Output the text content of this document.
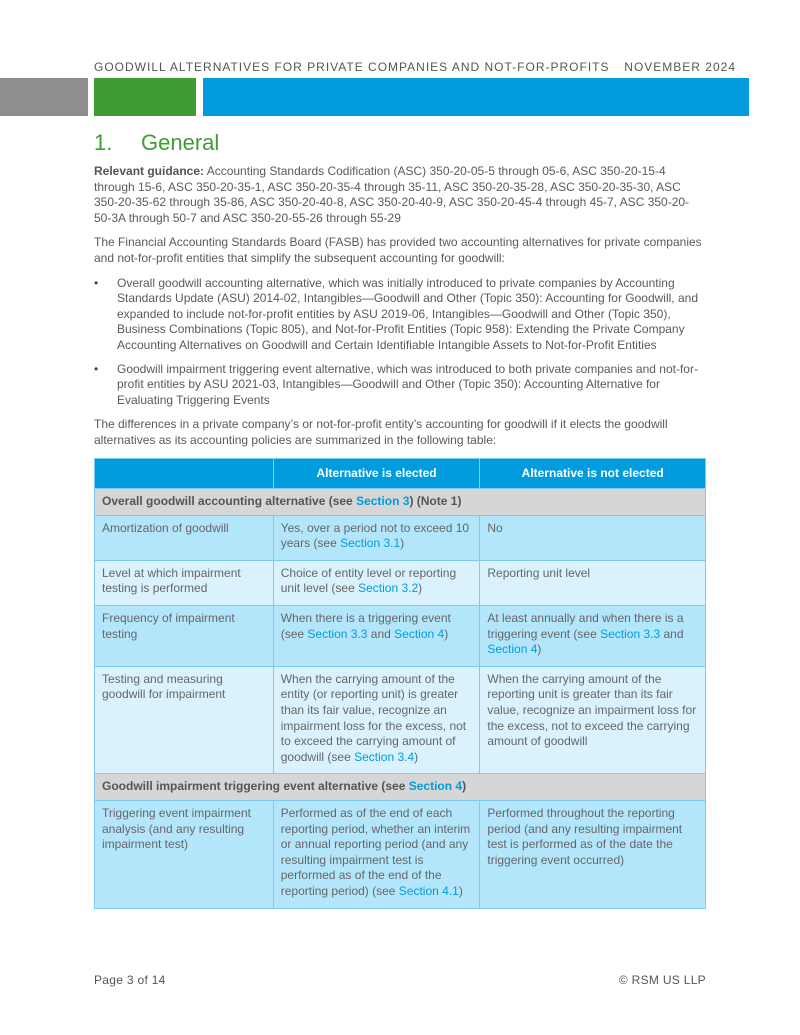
GOODWILL ALTERNATIVES FOR PRIVATE COMPANIES AND NOT-FOR-PROFITS NOVEMBER 2024
1.	General

Relevant guidance: Accounting Standards Codification (ASC) 350-20-05-5 through 05-6, ASC 350-20-15-4 through 15-6, ASC 350-20-35-1, ASC 350-20-35-4 through 35-11, ASC 350-20-35-28, ASC 350-20-35-30, ASC 350-20-35-62 through 35-86, ASC 350-20-40-8, ASC 350-20-40-9, ASC 350-20-45-4 through 45-7, ASC 350-20-50-3A through 50-7 and ASC 350-20-55-26 through 55-29

The Financial Accounting Standards Board (FASB) has provided two accounting alternatives for private companies and not-for-profit entities that simplify the subsequent accounting for goodwill:

• Overall goodwill accounting alternative, which was initially introduced to private companies by Accounting Standards Update (ASU) 2014-02, Intangibles—Goodwill and Other (Topic 350): Accounting for Goodwill, and expanded to include not-for-profit entities by ASU 2019-06, Intangibles—Goodwill and Other (Topic 350), Business Combinations (Topic 805), and Not-for-Profit Entities (Topic 958): Extending the Private Company Accounting Alternatives on Goodwill and Certain Identifiable Intangible Assets to Not-for-Profit Entities
• Goodwill impairment triggering event alternative, which was introduced to both private companies and not-for-profit entities by ASU 2021-03, Intangibles—Goodwill and Other (Topic 350): Accounting Alternative for Evaluating Triggering Events

The differences in a private company’s or not-for-profit entity’s accounting for goodwill if it elects the goodwill alternatives as its accounting policies are summarized in the following table:

	Alternative is elected	Alternative is not elected
Overall goodwill accounting alternative (see Section 3) (Note 1)		
Amortization of goodwill	Yes, over a period not to exceed 10 years (see Section 3.1)	No
Level at which impairment testing is performed	Choice of entity level or reporting unit level (see Section 3.2)	Reporting unit level
Frequency of impairment testing	When there is a triggering event (see Section 3.3 and Section 4)	At least annually and when there is a triggering event (see Section 3.3 and Section 4)
Testing and measuring goodwill for impairment	When the carrying amount of the entity (or reporting unit) is greater than its fair value, recognize an impairment loss for the excess, not to exceed the carrying amount of goodwill (see Section 3.4)	When the carrying amount of the reporting unit is greater than its fair value, recognize an impairment loss for the excess, not to exceed the carrying amount of goodwill
Goodwill impairment triggering event alternative (see Section 4)		
Triggering event impairment analysis (and any resulting impairment test)	Performed as of the end of each reporting period, whether an interim or annual reporting period (and any resulting impairment test is performed as of the end of the reporting period) (see Section 4.1)	Performed throughout the reporting period (and any resulting impairment test is performed as of the date the triggering event occurred)
Page 3 of 14	© RSM US LLP
